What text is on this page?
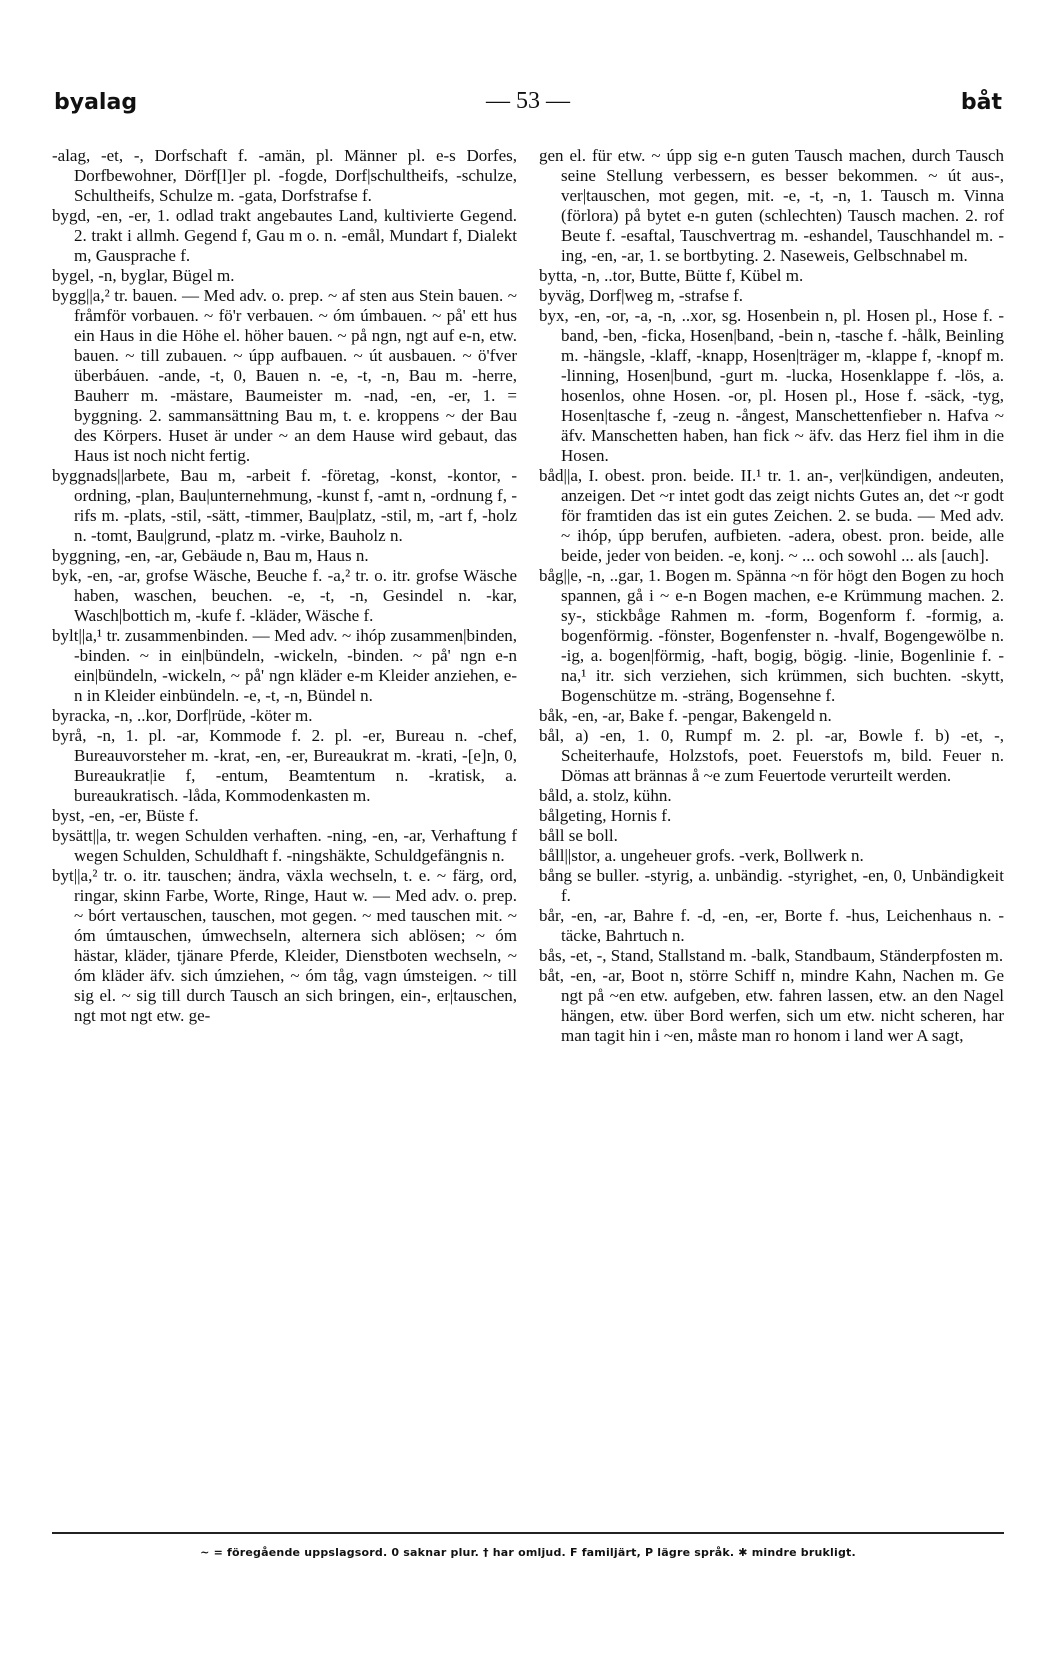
byalag	— 53 —	båt

-alag, -et, -, Dorfschaft f. -amän, pl. Männer pl. e-s Dorfes, Dorfbewohner, Dörf[l]er pl. -fogde, Dorf|schultheifs, -schulze, Schultheifs, Schulze m. -gata, Dorfstrafse f.

bygd, -en, -er, 1. odlad trakt angebautes Land, kultivierte Gegend. 2. trakt i allmh. Gegend f, Gau m o. n. -emål, Mundart f, Dialekt m, Gausprache f.

bygel, -n, byglar, Bügel m.

bygg||a,² tr. bauen. — Med adv. o. prep. ~ af sten aus Stein bauen. ~ fråmför vorbauen. ~ fö'r verbauen. ~ óm úmbauen. ~ på' ett hus ein Haus in die Höhe el. höher bauen. ~ på ngn, ngt auf e-n, etw. bauen. ~ till zubauen. ~ úpp aufbauen. ~ út ausbauen. ~ ö'fver überbáuen. -ande, -t, 0, Bauen n. -e, -t, -n, Bau m. -herre, Bauherr m. -mästare, Baumeister m. -nad, -en, -er, 1. = byggning. 2. sammansättning Bau m, t. e. kroppens ~ der Bau des Körpers. Huset är under ~ an dem Hause wird gebaut, das Haus ist noch nicht fertig.

byggnads||arbete, Bau m, -arbeit f. -företag, -konst, -kontor, -ordning, -plan, Bau|unternehmung, -kunst f, -amt n, -ordnung f, -rifs m. -plats, -stil, -sätt, -timmer, Bau|platz, -stil, m, -art f, -holz n. -tomt, Bau|grund, -platz m. -virke, Bauholz n.

byggning, -en, -ar, Gebäude n, Bau m, Haus n.

byk, -en, -ar, grofse Wäsche, Beuche f. -a,² tr. o. itr. grofse Wäsche haben, waschen, beuchen. -e, -t, -n, Gesindel n. -kar, Wasch|bottich m, -kufe f. -kläder, Wäsche f.

bylt||a,¹ tr. zusammenbinden. — Med adv. ~ ihóp zusammen|binden, -binden. ~ in ein|bündeln, -wickeln, -binden. ~ på' ngn e-n ein|bündeln, -wickeln, ~ på' ngn kläder e-m Kleider anziehen, e-n in Kleider einbündeln. -e, -t, -n, Bündel n.

byracka, -n, ..kor, Dorf|rüde, -köter m.

byrå, -n, 1. pl. -ar, Kommode f. 2. pl. -er, Bureau n. -chef, Bureauvorsteher m. -krat, -en, -er, Bureaukrat m. -krati, -[e]n, 0, Bureaukrat|ie f, -entum, Beamtentum n. -kratisk, a. bureaukratisch. -låda, Kommodenkasten m.

byst, -en, -er, Büste f.

bysätt||a, tr. wegen Schulden verhaften. -ning, -en, -ar, Verhaftung f wegen Schulden, Schuldhaft f. -ningshäkte, Schuldgefängnis n.

byt||a,² tr. o. itr. tauschen; ändra, växla wechseln, t. e. ~ färg, ord, ringar, skinn Farbe, Worte, Ringe, Haut w. — Med adv. o. prep. ~ bórt vertauschen, tauschen, mot gegen. ~ med tauschen mit. ~ óm úmtauschen, úmwechseln, alternera sich ablösen; ~ óm hästar, kläder, tjänare Pferde, Kleider, Dienstboten wechseln, ~ óm kläder äfv. sich úmziehen, ~ óm tåg, vagn úmsteigen. ~ till sig el. ~ sig till durch Tausch an sich bringen, ein-, er|tauschen, ngt mot ngt etw. ge-

gen el. für etw. ~ úpp sig e-n guten Tausch machen, durch Tausch seine Stellung verbessern, es besser bekommen. ~ út aus-, ver|tauschen, mot gegen, mit. -e, -t, -n, 1. Tausch m. Vinna (förlora) på bytet e-n guten (schlechten) Tausch machen. 2. rof Beute f. -esaftal, Tauschvertrag m. -eshandel, Tauschhandel m. -ing, -en, -ar, 1. se bortbyting. 2. Naseweis, Gelbschnabel m.

bytta, -n, ..tor, Butte, Bütte f, Kübel m.

byväg, Dorf|weg m, -strafse f.

byx, -en, -or, -a, -n, ..xor, sg. Hosenbein n, pl. Hosen pl., Hose f. -band, -ben, -ficka, Hosen|band, -bein n, -tasche f. -hålk, Beinling m. -hängsle, -klaff, -knapp, Hosen|träger m, -klappe f, -knopf m. -linning, Hosen|bund, -gurt m. -lucka, Hosenklappe f. -lös, a. hosenlos, ohne Hosen. -or, pl. Hosen pl., Hose f. -säck, -tyg, Hosen|tasche f, -zeug n. -ångest, Manschettenfieber n. Hafva ~ äfv. Manschetten haben, han fick ~ äfv. das Herz fiel ihm in die Hosen.

båd||a, I. obest. pron. beide. II.¹ tr. 1. an-, ver|kündigen, andeuten, anzeigen. Det ~r intet godt das zeigt nichts Gutes an, det ~r godt för framtiden das ist ein gutes Zeichen. 2. se buda. — Med adv. ~ ihóp, úpp berufen, aufbieten. -adera, obest. pron. beide, alle beide, jeder von beiden. -e, konj. ~ ... och sowohl ... als [auch].

båg||e, -n, ..gar, 1. Bogen m. Spänna ~n för högt den Bogen zu hoch spannen, gå i ~ e-n Bogen machen, e-e Krümmung machen. 2. sy-, stickbåge Rahmen m. -form, Bogenform f. -formig, a. bogenförmig. -fönster, Bogenfenster n. -hvalf, Bogengewölbe n. -ig, a. bogen|förmig, -haft, bogig, bögig. -linie, Bogenlinie f. -na,¹ itr. sich verziehen, sich krümmen, sich buchten. -skytt, Bogenschütze m. -sträng, Bogensehne f.

båk, -en, -ar, Bake f. -pengar, Bakengeld n.

bål, a) -en, 1. 0, Rumpf m. 2. pl. -ar, Bowle f. b) -et, -, Scheiterhaufe, Holzstofs, poet. Feuerstofs m, bild. Feuer n. Dömas att brännas å ~e zum Feuertode verurteilt werden.

båld, a. stolz, kühn.

bålgeting, Hornis f.

båll se boll.

båll||stor, a. ungeheuer grofs. -verk, Bollwerk n.

bång se buller. -styrig, a. unbändig. -styrighet, -en, 0, Unbändigkeit f.

bår, -en, -ar, Bahre f. -d, -en, -er, Borte f. -hus, Leichenhaus n. -täcke, Bahrtuch n.

bås, -et, -, Stand, Stallstand m. -balk, Standbaum, Ständerpfosten m.

båt, -en, -ar, Boot n, större Schiff n, mindre Kahn, Nachen m. Ge ngt på ~en etw. aufgeben, etw. fahren lassen, etw. an den Nagel hängen, etw. über Bord werfen, sich um etw. nicht scheren, har man tagit hin i ~en, måste man ro honom i land wer A sagt,

~ = föregående uppslagsord. 0 saknar plur. † har omljud. F familjärt, P lägre språk. ✱ mindre brukligt.
